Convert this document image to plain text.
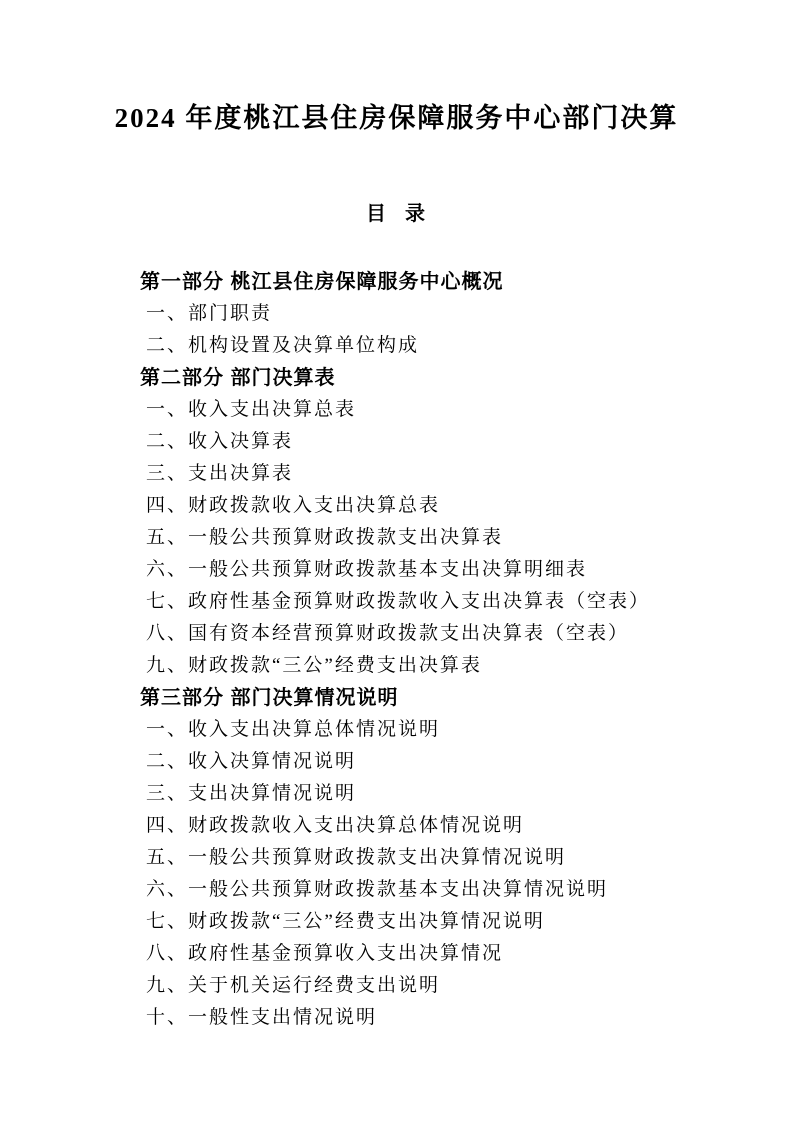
2024 年度桃江县住房保障服务中心部门决算
目 录
第一部分 桃江县住房保障服务中心概况
一、部门职责
二、机构设置及决算单位构成
第二部分 部门决算表
一、收入支出决算总表
二、收入决算表
三、支出决算表
四、财政拨款收入支出决算总表
五、一般公共预算财政拨款支出决算表
六、一般公共预算财政拨款基本支出决算明细表
七、政府性基金预算财政拨款收入支出决算表（空表）
八、国有资本经营预算财政拨款支出决算表（空表）
九、财政拨款“三公”经费支出决算表
第三部分 部门决算情况说明
一、收入支出决算总体情况说明
二、收入决算情况说明
三、支出决算情况说明
四、财政拨款收入支出决算总体情况说明
五、一般公共预算财政拨款支出决算情况说明
六、一般公共预算财政拨款基本支出决算情况说明
七、财政拨款“三公”经费支出决算情况说明
八、政府性基金预算收入支出决算情况
九、关于机关运行经费支出说明
十、一般性支出情况说明
